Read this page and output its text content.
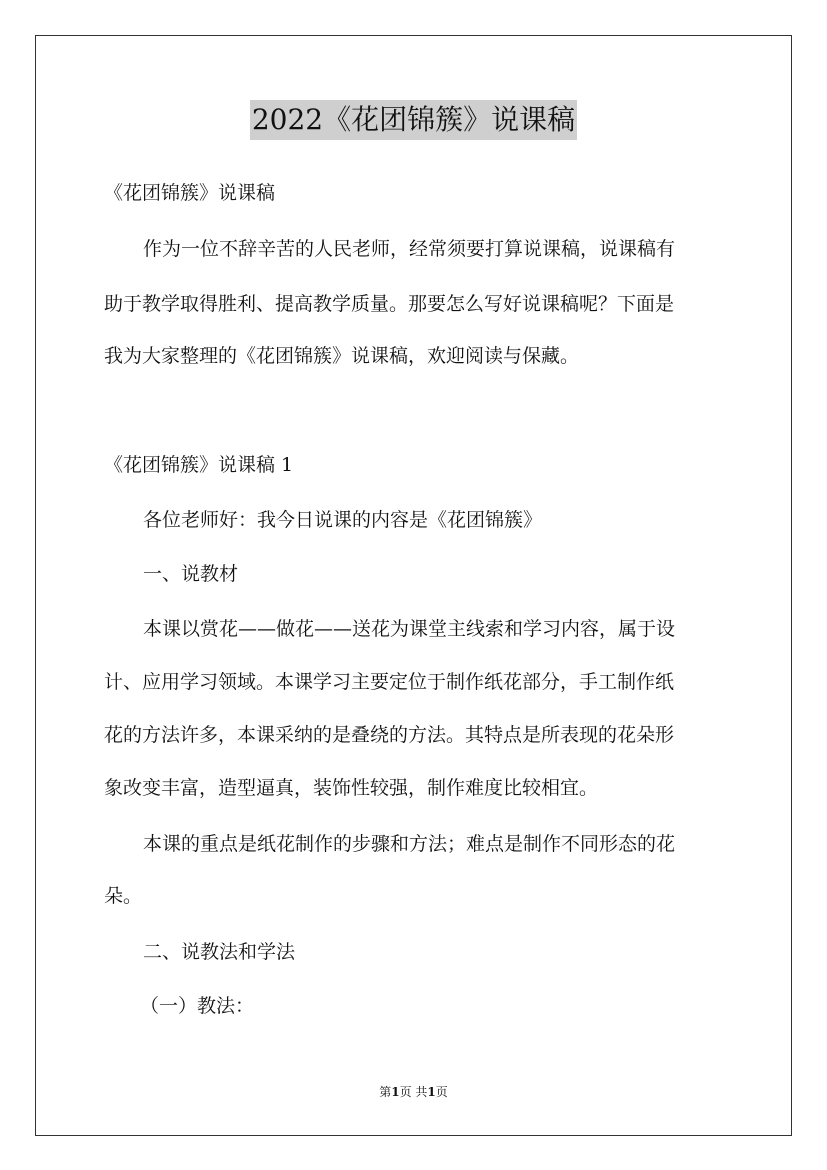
2022《花团锦簇》说课稿

《花团锦簇》说课稿

作为一位不辞辛苦的人民老师，经常须要打算说课稿，说课稿有

助于教学取得胜利、提高教学质量。那要怎么写好说课稿呢？下面是

我为大家整理的《花团锦簇》说课稿，欢迎阅读与保藏。

《花团锦簇》说课稿 1

各位老师好：我今日说课的内容是《花团锦簇》

一、说教材

本课以赏花——做花——送花为课堂主线索和学习内容，属于设

计、应用学习领域。本课学习主要定位于制作纸花部分，手工制作纸

花的方法许多，本课采纳的是叠绕的方法。其特点是所表现的花朵形

象改变丰富，造型逼真，装饰性较强，制作难度比较相宜。

本课的重点是纸花制作的步骤和方法；难点是制作不同形态的花

朵。

二、说教法和学法

（一）教法：

第1页 共1页
